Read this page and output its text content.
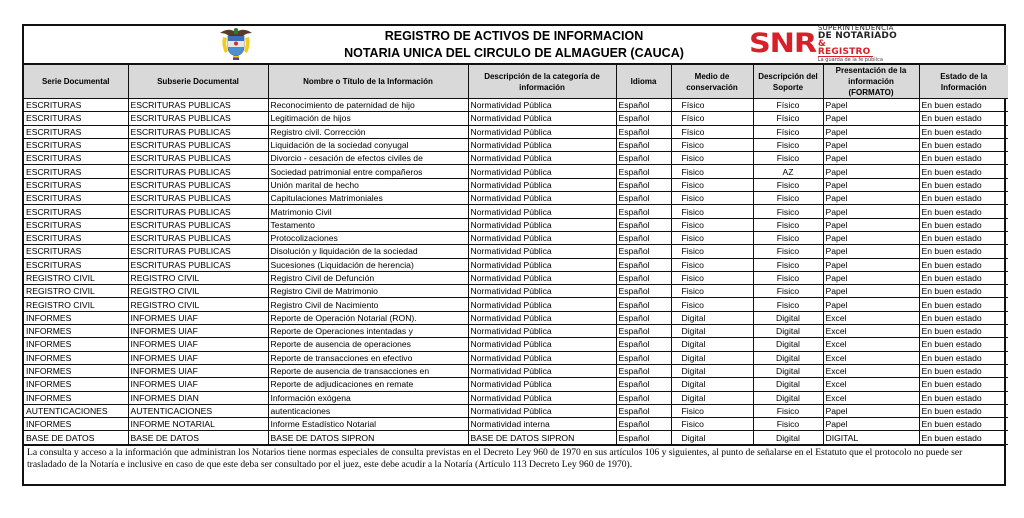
REGISTRO DE ACTIVOS DE INFORMACION
NOTARIA UNICA DEL CIRCULO DE ALMAGUER (CAUCA)	SNR SUPERINTENDENCIA
DE NOTARIADO
& REGISTRO
La guarda de la fe pública
Serie Documental	Subserie Documental	Nombre o Título de la Información	Descripción de la categoría de información	Idioma	Medio de conservación	Descripción del Soporte	Presentación de la información (FORMATO)	Estado de la Información
ESCRITURAS	ESCRITURAS PUBLICAS	Reconocimiento de paternidad de hijo	Normatividad Pública	Español	Físico	Físico	Papel	En buen estado
ESCRITURAS	ESCRITURAS PUBLICAS	Legitimación de hijos	Normatividad Pública	Español	Físico	Físico	Papel	En buen estado
ESCRITURAS	ESCRITURAS PUBLICAS	Registro civil. Corrección	Normatividad Pública	Español	Físico	Físico	Papel	En buen estado
ESCRITURAS	ESCRITURAS PUBLICAS	Liquidación de la sociedad conyugal	Normatividad Pública	Español	Fisico	Fisico	Papel	En buen estado
ESCRITURAS	ESCRITURAS PUBLICAS	Divorcio - cesación de efectos civiles de	Normatividad Pública	Español	Fisico	Fisico	Papel	En buen estado
ESCRITURAS	ESCRITURAS PUBLICAS	Sociedad patrimonial entre compañeros	Normatividad Pública	Español	Fisico	AZ	Papel	En buen estado
ESCRITURAS	ESCRITURAS PUBLICAS	Unión marital de hecho	Normatividad Pública	Español	Fisico	Fisico	Papel	En buen estado
ESCRITURAS	ESCRITURAS PUBLICAS	Capitulaciones Matrimoniales	Normatividad Pública	Español	Fisico	Fisico	Papel	En buen estado
ESCRITURAS	ESCRITURAS PUBLICAS	Matrimonio Civil	Normatividad Pública	Español	Fisico	Fisico	Papel	En buen estado
ESCRITURAS	ESCRITURAS PUBLICAS	Testamento	Normatividad Pública	Español	Fisico	Fisico	Papel	En buen estado
ESCRITURAS	ESCRITURAS PUBLICAS	Protocolizaciones	Normatividad Pública	Español	Fisico	Fisico	Papel	En buen estado
ESCRITURAS	ESCRITURAS PUBLICAS	Disolución y liquidación de la sociedad	Normatividad Pública	Español	Fisico	Fisico	Papel	En buen estado
ESCRITURAS	ESCRITURAS PUBLICAS	Sucesiones (Liquidación de herencia)	Normatividad Pública	Español	Fisico	Fisico	Papel	En buen estado
REGISTRO CIVIL	REGISTRO CIVIL	Registro Civil de Defunción	Normatividad Pública	Español	Fisico	Fisico	Papel	En buen estado
REGISTRO CIVIL	REGISTRO CIVIL	Registro Civil de Matrimonio	Normatividad Pública	Español	Fisico	Fisico	Papel	En buen estado
REGISTRO CIVIL	REGISTRO CIVIL	Registro Civil de Nacimiento	Normatividad Pública	Español	Fisico	Fisico	Papel	En buen estado
INFORMES	INFORMES UIAF	Reporte de Operación Notarial (RON).	Normatividad Pública	Español	Digital	Digital	Excel	En buen estado
INFORMES	INFORMES UIAF	Reporte de Operaciones intentadas y	Normatividad Pública	Español	Digital	Digital	Excel	En buen estado
INFORMES	INFORMES UIAF	Reporte de ausencia de operaciones	Normatividad Pública	Español	Digital	Digital	Excel	En buen estado
INFORMES	INFORMES UIAF	Reporte de transacciones en efectivo	Normatividad Pública	Español	Digital	Digital	Excel	En buen estado
INFORMES	INFORMES UIAF	Reporte de ausencia de transacciones en	Normatividad Pública	Español	Digital	Digital	Excel	En buen estado
INFORMES	INFORMES UIAF	Reporte de adjudicaciones en remate	Normatividad Pública	Español	Digital	Digital	Excel	En buen estado
INFORMES	INFORMES DIAN	Información exógena	Normatividad Pública	Español	Digital	Digital	Excel	En buen estado
AUTENTICACIONES	AUTENTICACIONES	autenticaciones	Normatividad Pública	Español	Fisico	Fisico	Papel	En buen estado
INFORMES	INFORME NOTARIAL	Informe Estadístico Notarial	Normatividad interna	Español	Fisico	Fisico	Papel	En buen estado
BASE DE DATOS	BASE DE DATOS	BASE DE DATOS SIPRON	BASE DE DATOS SIPRON	Español	Digital	Digital	DIGITAL	En buen estado
La consulta y acceso a la información que administran los Notarios tiene normas especiales de consulta previstas en el Decreto Ley 960 de 1970 en sus artículos 106 y siguientes, al punto de señalarse en el Estatuto que el protocolo no puede ser trasladado de la Notaría e inclusive en caso de que este deba ser consultado por el juez, este debe acudir a la Notaría (Artículo 113 Decreto Ley 960 de 1970).
